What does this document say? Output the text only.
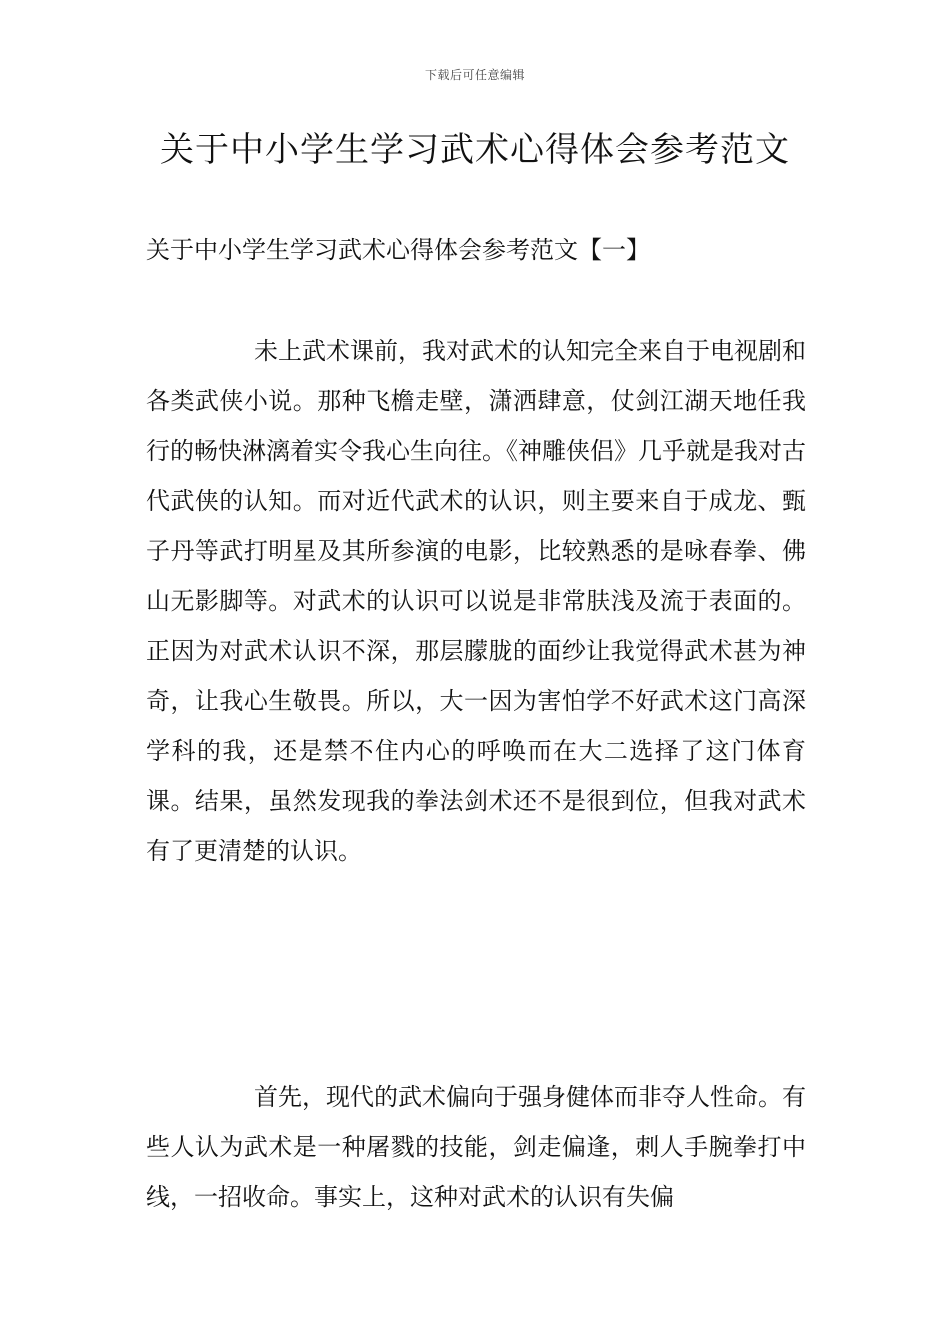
下载后可任意编辑
关于中小学生学习武术心得体会参考范文
关于中小学生学习武术心得体会参考范文【一】

未上武术课前，我对武术的认知完全来自于电视剧和各类武侠小说。那种飞檐走壁，潇洒肆意，仗剑江湖天地任我行的畅快淋漓着实令我心生向往。《神雕侠侣》几乎就是我对古代武侠的认知。而对近代武术的认识，则主要来自于成龙、甄子丹等武打明星及其所参演的电影，比较熟悉的是咏春拳、佛山无影脚等。对武术的认识可以说是非常肤浅及流于表面的。正因为对武术认识不深，那层朦胧的面纱让我觉得武术甚为神奇，让我心生敬畏。所以，大一因为害怕学不好武术这门高深学科的我，还是禁不住内心的呼唤而在大二选择了这门体育课。结果，虽然发现我的拳法剑术还不是很到位，但我对武术有了更清楚的认识。

首先，现代的武术偏向于强身健体而非夺人性命。有些人认为武术是一种屠戮的技能，剑走偏逢，刺人手腕拳打中线，一招收命。事实上，这种对武术的认识有失偏
